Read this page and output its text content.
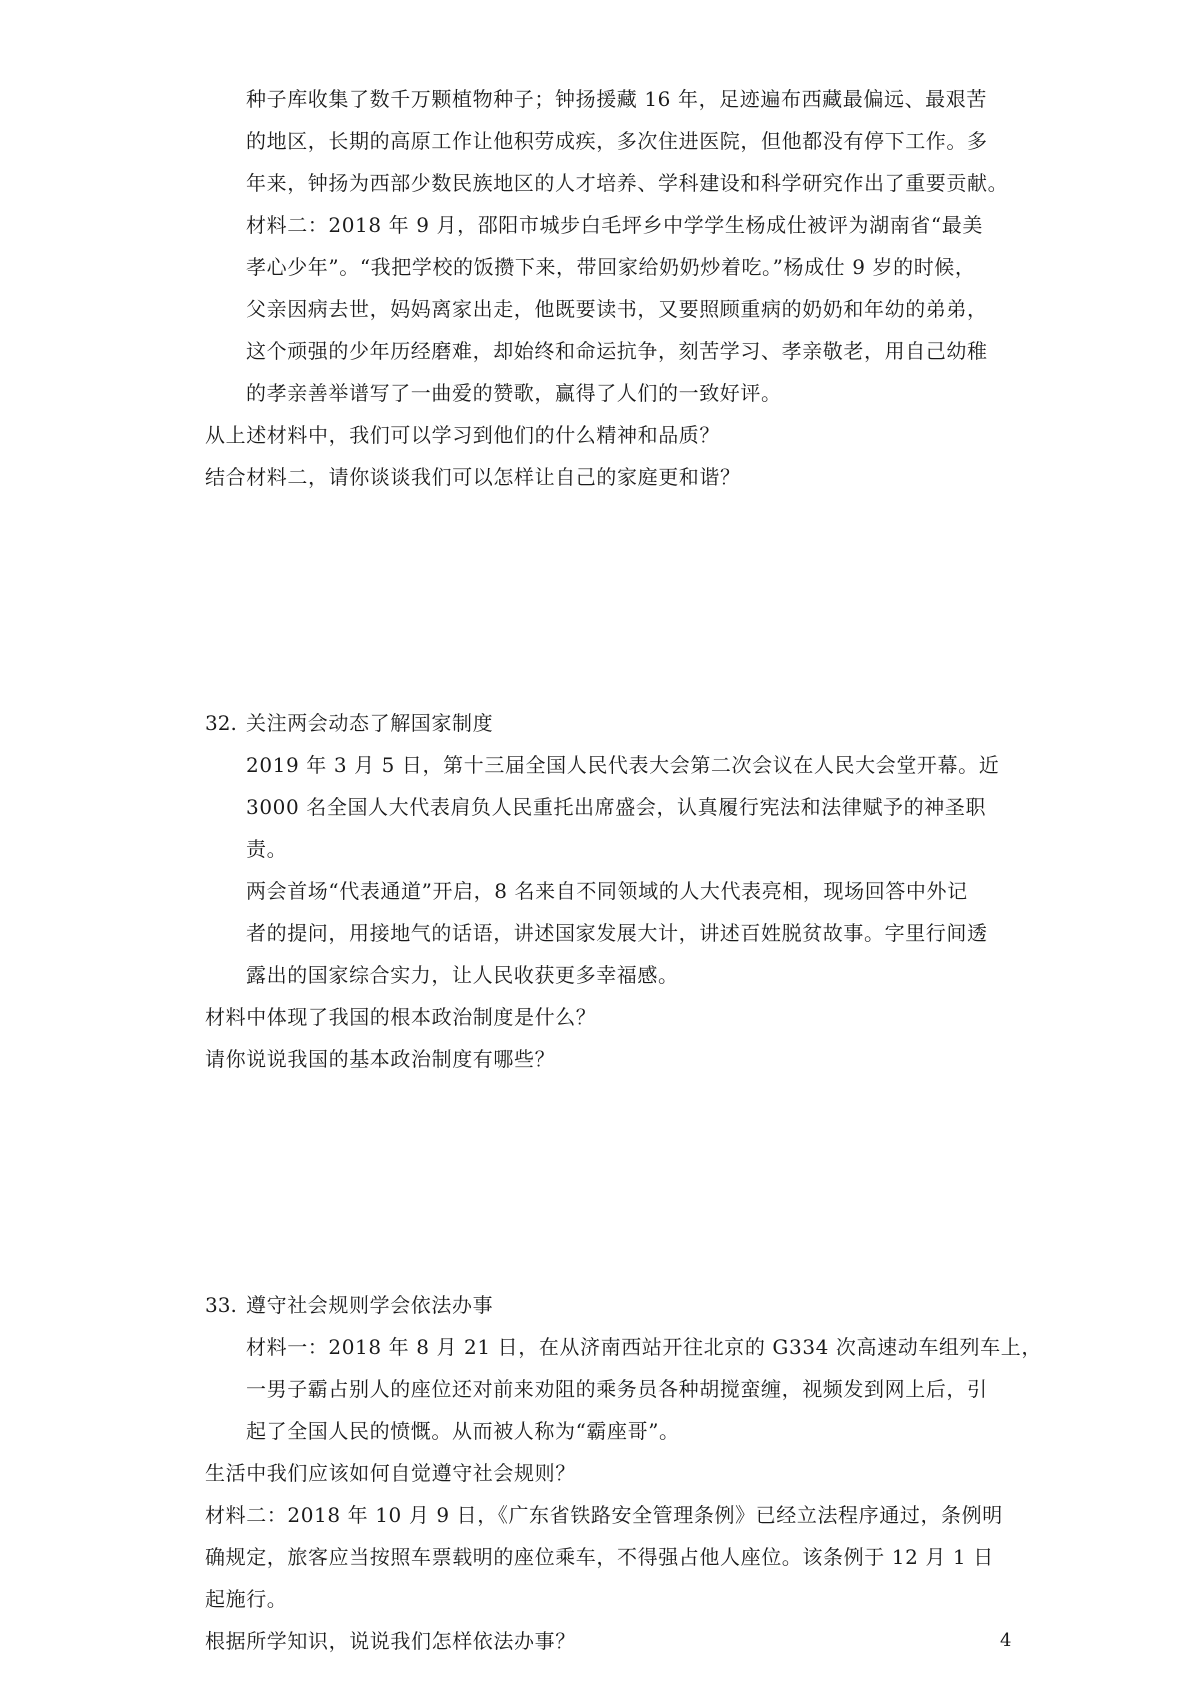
种子库收集了数千万颗植物种子；钟扬援藏 16 年，足迹遍布西藏最偏远、最艰苦
的地区，长期的高原工作让他积劳成疾，多次住进医院，但他都没有停下工作。多
年来，钟扬为西部少数民族地区的人才培养、学科建设和科学研究作出了重要贡献。
材料二：2018 年 9 月，邵阳市城步白毛坪乡中学学生杨成仕被评为湖南省“最美
孝心少年”。“我把学校的饭攒下来，带回家给奶奶炒着吃。”杨成仕 9 岁的时候，
父亲因病去世，妈妈离家出走，他既要读书，又要照顾重病的奶奶和年幼的弟弟，
这个顽强的少年历经磨难，却始终和命运抗争，刻苦学习、孝亲敬老，用自己幼稚
的孝亲善举谱写了一曲爱的赞歌，赢得了人们的一致好评。
从上述材料中，我们可以学习到他们的什么精神和品质？
结合材料二，请你谈谈我们可以怎样让自己的家庭更和谐？
32. 关注两会动态了解国家制度
2019 年 3 月 5 日，第十三届全国人民代表大会第二次会议在人民大会堂开幕。近
3000 名全国人大代表肩负人民重托出席盛会，认真履行宪法和法律赋予的神圣职
责。
两会首场“代表通道”开启，8 名来自不同领域的人大代表亮相，现场回答中外记
者的提问，用接地气的话语，讲述国家发展大计，讲述百姓脱贫故事。字里行间透
露出的国家综合实力，让人民收获更多幸福感。
材料中体现了我国的根本政治制度是什么？
请你说说我国的基本政治制度有哪些？
33. 遵守社会规则学会依法办事
材料一：2018 年 8 月 21 日，在从济南西站开往北京的 G334 次高速动车组列车上，
一男子霸占别人的座位还对前来劝阻的乘务员各种胡搅蛮缠，视频发到网上后，引
起了全国人民的愤慨。从而被人称为“霸座哥”。
生活中我们应该如何自觉遵守社会规则？
材料二：2018 年 10 月 9 日，《广东省铁路安全管理条例》已经立法程序通过，条例明
确规定，旅客应当按照车票载明的座位乘车，不得强占他人座位。该条例于 12 月 1 日
起施行。
根据所学知识，说说我们怎样依法办事？	4
